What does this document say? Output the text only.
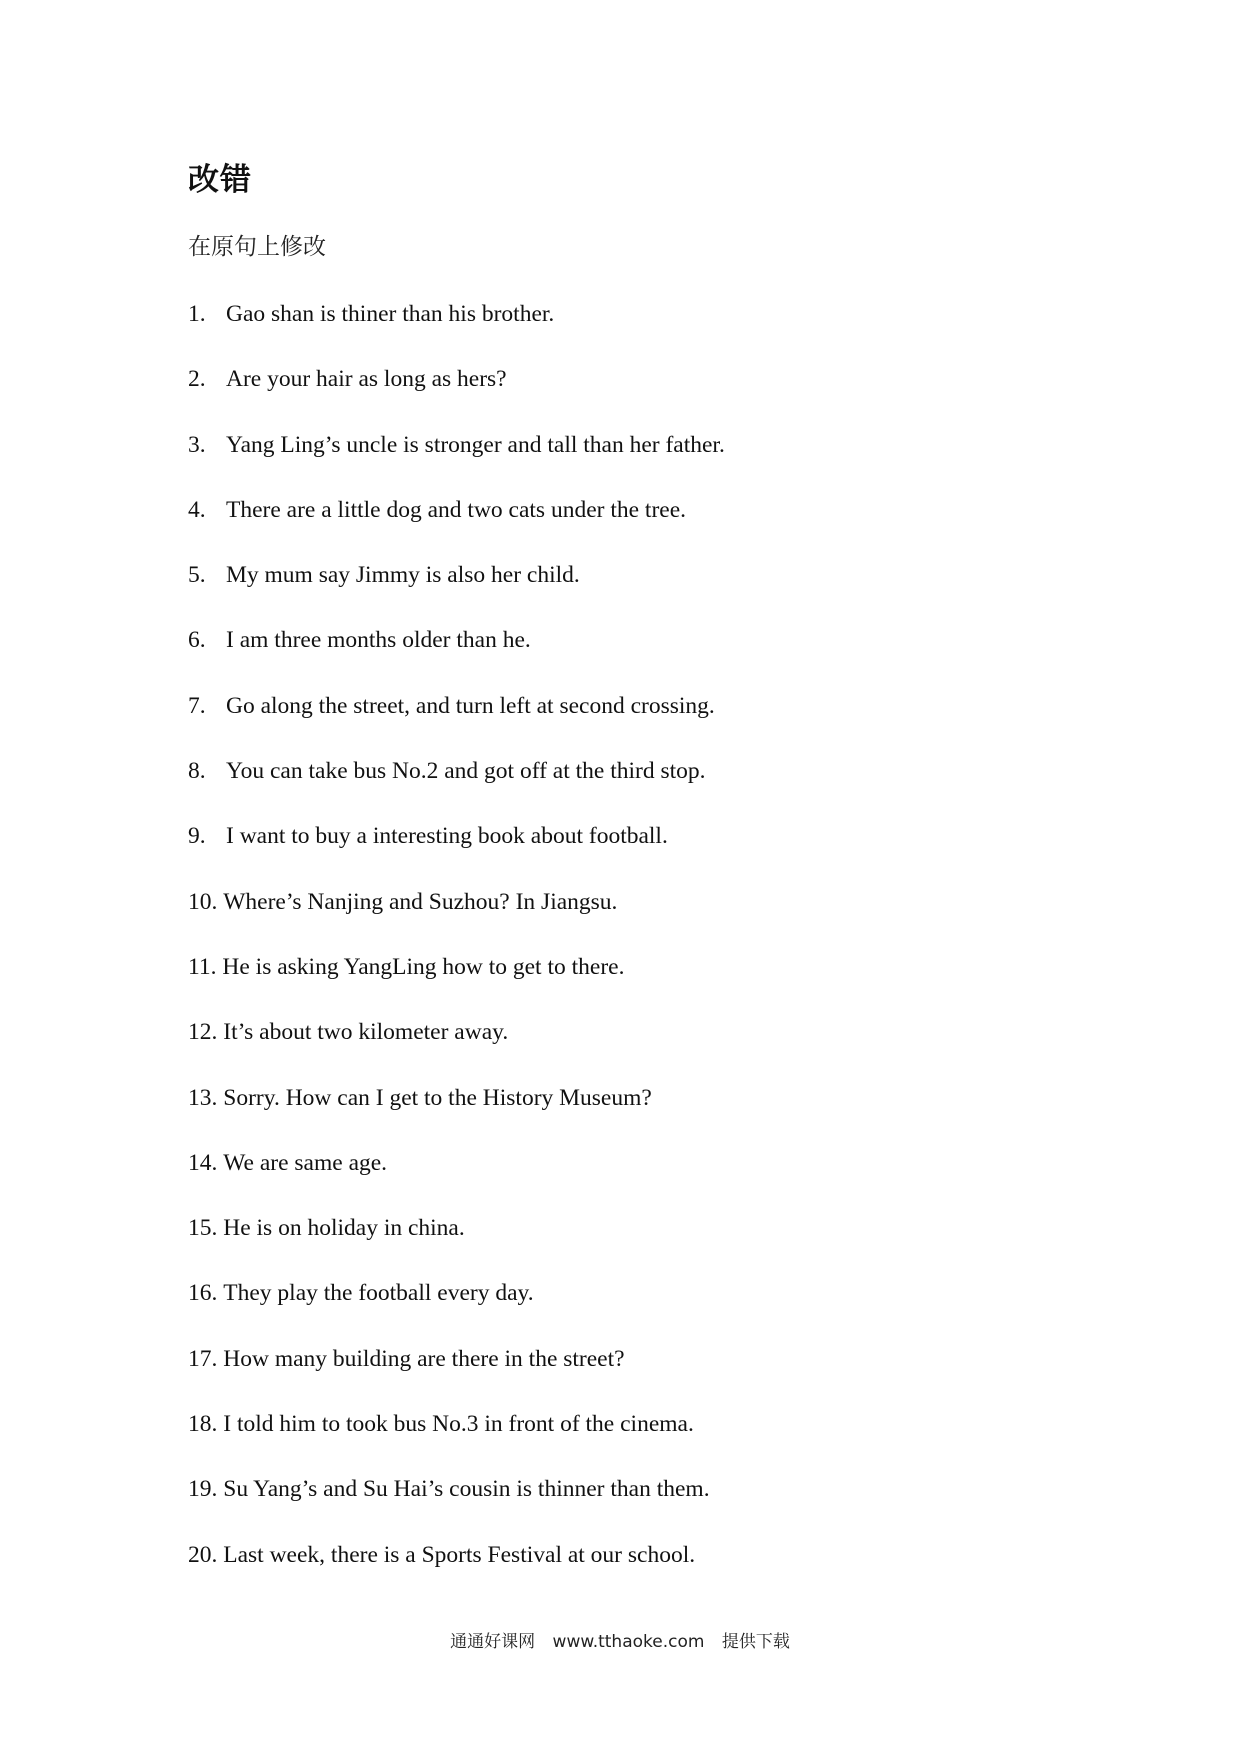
改错

在原句上修改

1. Gao shan is thiner than his brother.
2. Are your hair as long as hers?
3. Yang Ling’s uncle is stronger and tall than her father.
4. There are a little dog and two cats under the tree.
5. My mum say Jimmy is also her child.
6. I am three months older than he.
7. Go along the street, and turn left at second crossing.
8. You can take bus No.2 and got off at the third stop.
9. I want to buy a interesting book about football.
10.
Where’s Nanjing and Suzhou? In Jiangsu.
11.
He is asking YangLing how to get to there.
12.
It’s about two kilometer away.
13.
Sorry. How can I get to the History Museum?
14.
We are same age.
15.
He is on holiday in china.
16.
They play the football every day.
17.
How many building are there in the street?
18.
I told him to took bus No.3 in front of the cinema.
19.
Su Yang’s and Su Hai’s cousin is thinner than them.
20.
Last week, there is a Sports Festival at our school.
通通好课网 www.tthaoke.com 提供下载
